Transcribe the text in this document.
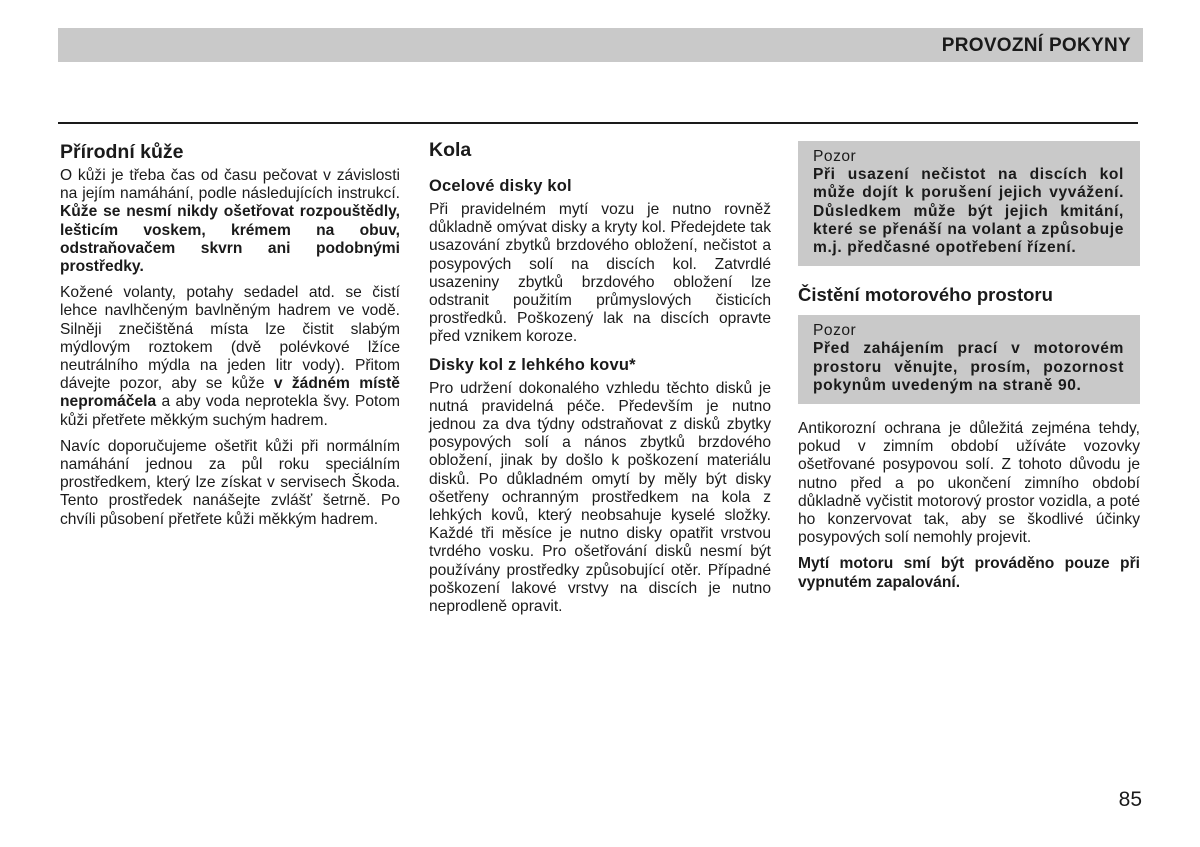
PROVOZNÍ POKYNY
Přírodní kůže

O kůži je třeba čas od času pečovat v závislosti na jejím namáhání, podle následujících instrukcí. Kůže se nesmí nikdy ošetřovat rozpouštědly, lešticím voskem, krémem na obuv, odstraňovačem skvrn ani podobnými prostředky.

Kožené volanty, potahy sedadel atd. se čistí lehce navlhčeným bavlněným hadrem ve vodě. Silněji znečištěná místa lze čistit slabým mýdlovým roztokem (dvě polévkové lžíce neutrálního mýdla na jeden litr vody). Přitom dávejte pozor, aby se kůže v žádném místě nepromáčela a aby voda neprotekla švy. Potom kůži přetřete měkkým suchým hadrem.

Navíc doporučujeme ošetřit kůži při normálním namáhání jednou za půl roku speciálním prostředkem, který lze získat v servisech Škoda. Tento prostředek nanášejte zvlášť šetrně. Po chvíli působení přetřete kůži měkkým hadrem.

Kola
Ocelové disky kol

Při pravidelném mytí vozu je nutno rovněž důkladně omývat disky a kryty kol. Předejdete tak usazování zbytků brzdového obložení, nečistot a posypových solí na discích kol. Zatvrdlé usazeniny zbytků brzdového obložení lze odstranit použitím průmyslových čisticích prostředků. Poškozený lak na discích opravte před vznikem koroze.

Disky kol z lehkého kovu*

Pro udržení dokonalého vzhledu těchto disků je nutná pravidelná péče. Především je nutno jednou za dva týdny odstraňovat z disků zbytky posypových solí a nános zbytků brzdového obložení, jinak by došlo k poškození materiálu disků. Po důkladném omytí by měly být disky ošetřeny ochranným prostředkem na kola z lehkých kovů, který neobsahuje kyselé složky. Každé tři měsíce je nutno disky opatřit vrstvou tvrdého vosku. Pro ošetřování disků nesmí být používány prostředky způsobující otěr. Případné poškození lakové vrstvy na discích je nutno neprodleně opravit.

Pozor
Při usazení nečistot na discích kol může dojít k porušení jejich vyvážení. Důsledkem může být jejich kmitání, které se přenáší na volant a způsobuje m.j. předčasné opotřebení řízení.
Čistění motorového prostoru
Pozor
Před zahájením prací v motorovém prostoru věnujte, prosím, pozornost pokynům uvedeným na straně 90.

Antikorozní ochrana je důležitá zejména tehdy, pokud v zimním období užíváte vozovky ošetřované posypovou solí. Z tohoto důvodu je nutno před a po ukončení zimního období důkladně vyčistit motorový prostor vozidla, a poté ho konzervovat tak, aby se škodlivé účinky posypových solí nemohly projevit.

Mytí motoru smí být prováděno pouze při vypnutém zapalování.

85
